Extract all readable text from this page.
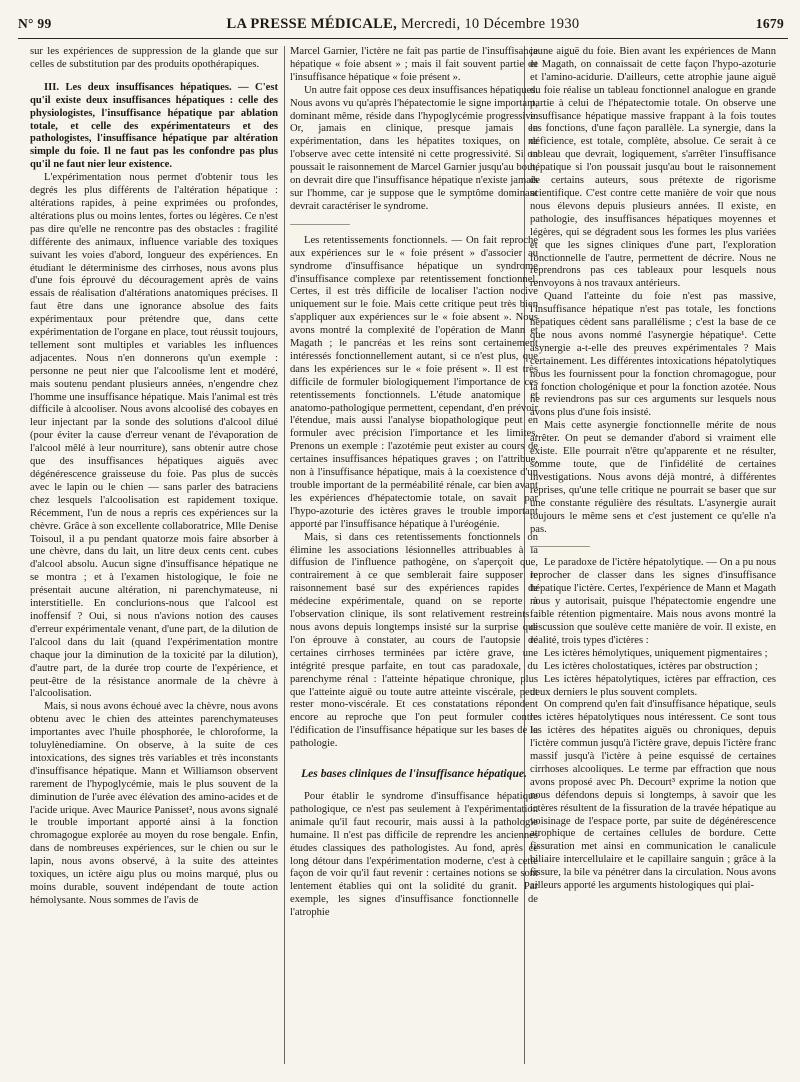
N° 99	LA PRESSE MÉDICALE, Mercredi, 10 Décembre 1930	1679

sur les expériences de suppression de la glande que sur celles de substitution par des produits opothérapiques.

III. Les deux insuffisances hépatiques. — C'est qu'il existe deux insuffisances hépatiques : celle des physiologistes, l'insuffisance hépatique par ablation totale, et celle des expérimentateurs et des pathologistes, l'insuffisance hépatique par altération simple du foie. Il ne faut pas les confondre pas plus qu'il ne faut nier leur existence.

L'expérimentation nous permet d'obtenir tous les degrés les plus différents de l'altération hépatique : altérations rapides, à peine exprimées ou profondes, altérations plus ou moins lentes, fortes ou légères. Ce n'est pas dire qu'elle ne rencontre pas des obstacles : fragilité différente des animaux, influence variable des toxiques suivant les voies d'abord, longueur des expériences. En étudiant le déterminisme des cirrhoses, nous avons plus d'une fois éprouvé du découragement après de vains essais de réalisation d'altérations anatomiques précises. Il faut être dans une ignorance absolue des faits expérimentaux pour prétendre que, dans cette expérimentation de l'organe en place, tout réussit toujours, tellement sont multiples et variables les influences adjacentes. Nous n'en donnerons qu'un exemple : personne ne peut nier que l'alcoolisme lent et modéré, mais soutenu pendant plusieurs années, n'engendre chez l'homme une insuffisance hépatique. Mais l'animal est très difficile à alcooliser. Nous avons alcoolisé des cobayes en leur injectant par la sonde des solutions d'alcool dilué (pour éviter la cause d'erreur venant de l'évaporation de l'alcool mêlé à leur nourriture), sans obtenir autre chose que des insuffisances hépatiques aiguës avec dégénérescence graisseuse du foie. Pas plus de succès avec le lapin ou le chien — sans parler des batraciens chez lesquels l'alcoolisation est rapidement toxique. Récemment, l'un de nous a repris ces expériences sur la chèvre. Grâce à son excellente collaboratrice, Mlle Denise Toisoul, il a pu pendant quatorze mois faire absorber à une chèvre, dans du lait, un litre deux cents cent. cubes d'alcool absolu. Aucun signe d'insuffisance hépatique ne se montra ; et à l'examen histologique, le foie ne présentait aucune altération, ni parenchymateuse, ni interstitielle. En conclurions-nous que l'alcool est inoffensif ? Oui, si nous n'avions notion des causes d'erreur expérimentale venant, d'une part, de la dilution de l'alcool dans du lait (quand l'expérimentation montre chaque jour la diminution de la toxicité par la dilution), d'autre part, de la durée trop courte de l'expérience, et peut-être de la résistance anormale de la chèvre à l'alcoolisation.

Mais, si nous avons échoué avec la chèvre, nous avons obtenu avec le chien des atteintes parenchymateuses importantes avec l'huile phosphorée, le chloroforme, la toluylènediamine. On observe, à la suite de ces intoxications, des signes très variables et très inconstants d'insuffisance hépatique. Mann et Williamson observent rarement de l'hypoglycémie, mais le plus souvent de la diminution de l'urée avec élévation des amino-acides et de l'acide urique. Avec Maurice Panisset², nous avons signalé le trouble important apporté ainsi à la fonction chromagogue explorée au moyen du rose bengale. Enfin, dans de nombreuses expériences, sur le chien ou sur le lapin, nous avons observé, à la suite des atteintes toxiques, un ictère aigu plus ou moins marqué, plus ou moins durable, souvent indépendant de toute action hémolysante. Nous sommes de l'avis de

Marcel Garnier, l'ictère ne fait pas partie de l'insuffisance hépatique « foie absent » ; mais il fait souvent partie de l'insuffisance hépatique « foie présent ».

Un autre fait oppose ces deux insuffisances hépatiques. Nous avons vu qu'après l'hépatectomie le signe important, dominant même, réside dans l'hypoglycémie progressive. Or, jamais en clinique, presque jamais en expérimentation, dans les hépatites toxiques, on ne l'observe avec cette intensité ni cette progressivité. Si on poussait le raisonnement de Marcel Garnier jusqu'au bout, on devrait dire que l'insuffisance hépatique n'existe jamais sur l'homme, car je suppose que le symptôme dominant devrait caractériser le syndrome.

Les retentissements fonctionnels. — On fait reproche aux expériences sur le « foie présent » d'associer au syndrome d'insuffisance hépatique un syndrome d'insuffisance complexe par retentissement fonctionnel. Certes, il est très difficile de localiser l'action nocive uniquement sur le foie. Mais cette critique peut très bien s'appliquer aux expériences sur le « foie absent ». Nous avons montré la complexité de l'opération de Mann et Magath ; le pancréas et les reins sont certainement intéressés fonctionnellement autant, si ce n'est plus, que dans les expériences sur le « foie présent ». Il est très difficile de formuler biologiquement l'importance de ces retentissements fonctionnels. L'étude anatomique et anatomo-pathologique permettent, cependant, d'en prévoir l'étendue, mais aussi l'analyse biopathologique peut en formuler avec précision l'importance et les limites. Prenons un exemple : l'azotémie peut exister au cours de certaines insuffisances hépatiques graves ; on l'attribue, non à l'insuffisance hépatique, mais à la coexistence d'un trouble important de la perméabilité rénale, car bien avant les expériences d'hépatectomie totale, on savait par l'hypo-azoturie des ictères graves le trouble important apporté par l'insuffisance hépatique à l'uréogénie.

Mais, si dans ces retentissements fonctionnels on élimine les associations lésionnelles attribuables à la diffusion de l'influence pathogène, on s'aperçoit que, contrairement à ce que semblerait faire supposer le raisonnement basé sur des expériences rapides de médecine expérimentale, quand on se reporte à l'observation clinique, ils sont relativement restreints : nous avons depuis longtemps insisté sur la surprise que l'on éprouve à constater, au cours de l'autopsie de certaines cirrhoses terminées par ictère grave, une intégrité presque parfaite, en tout cas paradoxale, du parenchyme rénal : l'atteinte hépatique chronique, plus que l'atteinte aiguë ou toute autre atteinte viscérale, peut rester mono-viscérale. Et ces constatations répondent encore au reproche que l'on peut formuler contre l'édification de l'insuffisance hépatique sur les bases de la pathologie.

Les bases cliniques de l'insuffisance hépatique.

Pour établir le syndrome d'insuffisance hépatique pathologique, ce n'est pas seulement à l'expérimentation animale qu'il faut recourir, mais aussi à la pathologie humaine. Il n'est pas difficile de reprendre les anciennes études classiques des pathologistes. Au fond, après ce long détour dans l'expérimentation moderne, c'est à cette façon de voir qu'il faut revenir : certaines notions se sont lentement établies qui ont la solidité du granit. Par exemple, les signes d'insuffisance fonctionnelle de l'atrophie

jaune aiguë du foie. Bien avant les expériences de Mann et Magath, on connaissait de cette façon l'hypo-azoturie et l'amino-acidurie. D'ailleurs, cette atrophie jaune aiguë du foie réalise un tableau fonctionnel analogue en grande partie à celui de l'hépatectomie totale. On observe une insuffisance hépatique massive frappant à la fois toutes les fonctions, d'une façon parallèle. La synergie, dans la déficience, est totale, complète, absolue. Ce serait à ce tableau que devrait, logiquement, s'arrêter l'insuffisance hépatique si l'on poussait jusqu'au bout le raisonnement de certains auteurs, sous prétexte de rigorisme scientifique. C'est contre cette manière de voir que nous nous élevons depuis plusieurs années. Il existe, en pathologie, des insuffisances hépatiques moyennes et légères, qui se dégradent sous les formes les plus variées et que les signes cliniques d'une part, l'exploration fonctionnelle de l'autre, permettent de décrire. Nous ne reprendrons pas ces tableaux pour lesquels nous renvoyons à nos travaux antérieurs.

Quand l'atteinte du foie n'est pas massive, l'insuffisance hépatique n'est pas totale, les fonctions hépatiques cèdent sans parallélisme ; c'est la base de ce que nous avons nommé l'asynergie hépatique¹. Cette asynergie a-t-elle des preuves expérimentales ? Mais certainement. Les différentes intoxications hépatolytiques nous les fournissent pour la fonction chromagogue, pour la fonction chologénique et pour la fonction azotée. Nous ne reviendrons pas sur ces arguments sur lesquels nous avons plus d'une fois insisté.

Mais cette asynergie fonctionnelle mérite de nous arrêter. On peut se demander d'abord si vraiment elle existe. Elle pourrait n'être qu'apparente et ne résulter, somme toute, que de l'infidélité de certaines investigations. Nous avons déjà montré, à différentes reprises, qu'une telle critique ne pourrait se baser que sur une constante régulière des résultats. L'asynergie aurait toujours le même sens et c'est justement ce qu'elle n'a pas.

Le paradoxe de l'ictère hépatolytique. — On a pu nous reprocher de classer dans les signes d'insuffisance hépatique l'ictère. Certes, l'expérience de Mann et Magath nous y autorisait, puisque l'hépatectomie engendre une faible rétention pigmentaire. Mais nous avons montré la discussion que soulève cette manière de voir. Il existe, en réalité, trois types d'ictères :

Les ictères hémolytiques, uniquement pigmentaires ;

Les ictères cholostatiques, ictères par obstruction ;

Les ictères hépatolytiques, ictères par effraction, ces deux derniers le plus souvent complets.

On comprend qu'en fait d'insuffisance hépatique, seuls les ictères hépatolytiques nous intéressent. Ce sont tous les ictères des hépatites aiguës ou chroniques, depuis l'ictère commun jusqu'à l'ictère grave, depuis l'ictère franc massif jusqu'à l'ictère à peine esquissé de certaines cirrhoses alcooliques. Le terme par effraction que nous avons proposé avec Ph. Decourt³ exprime la notion que nous défendons depuis si longtemps, à savoir que les ictères résultent de la fissuration de la travée hépatique au voisinage de l'espace porte, par suite de dégénérescence atrophique de certaines cellules de bordure. Cette fissuration met ainsi en communication le canalicule biliaire intercellulaire et le capillaire sanguin ; grâce à la fissure, la bile va pénétrer dans la circulation. Nous avons ailleurs apporté les arguments histologiques qui plai-
